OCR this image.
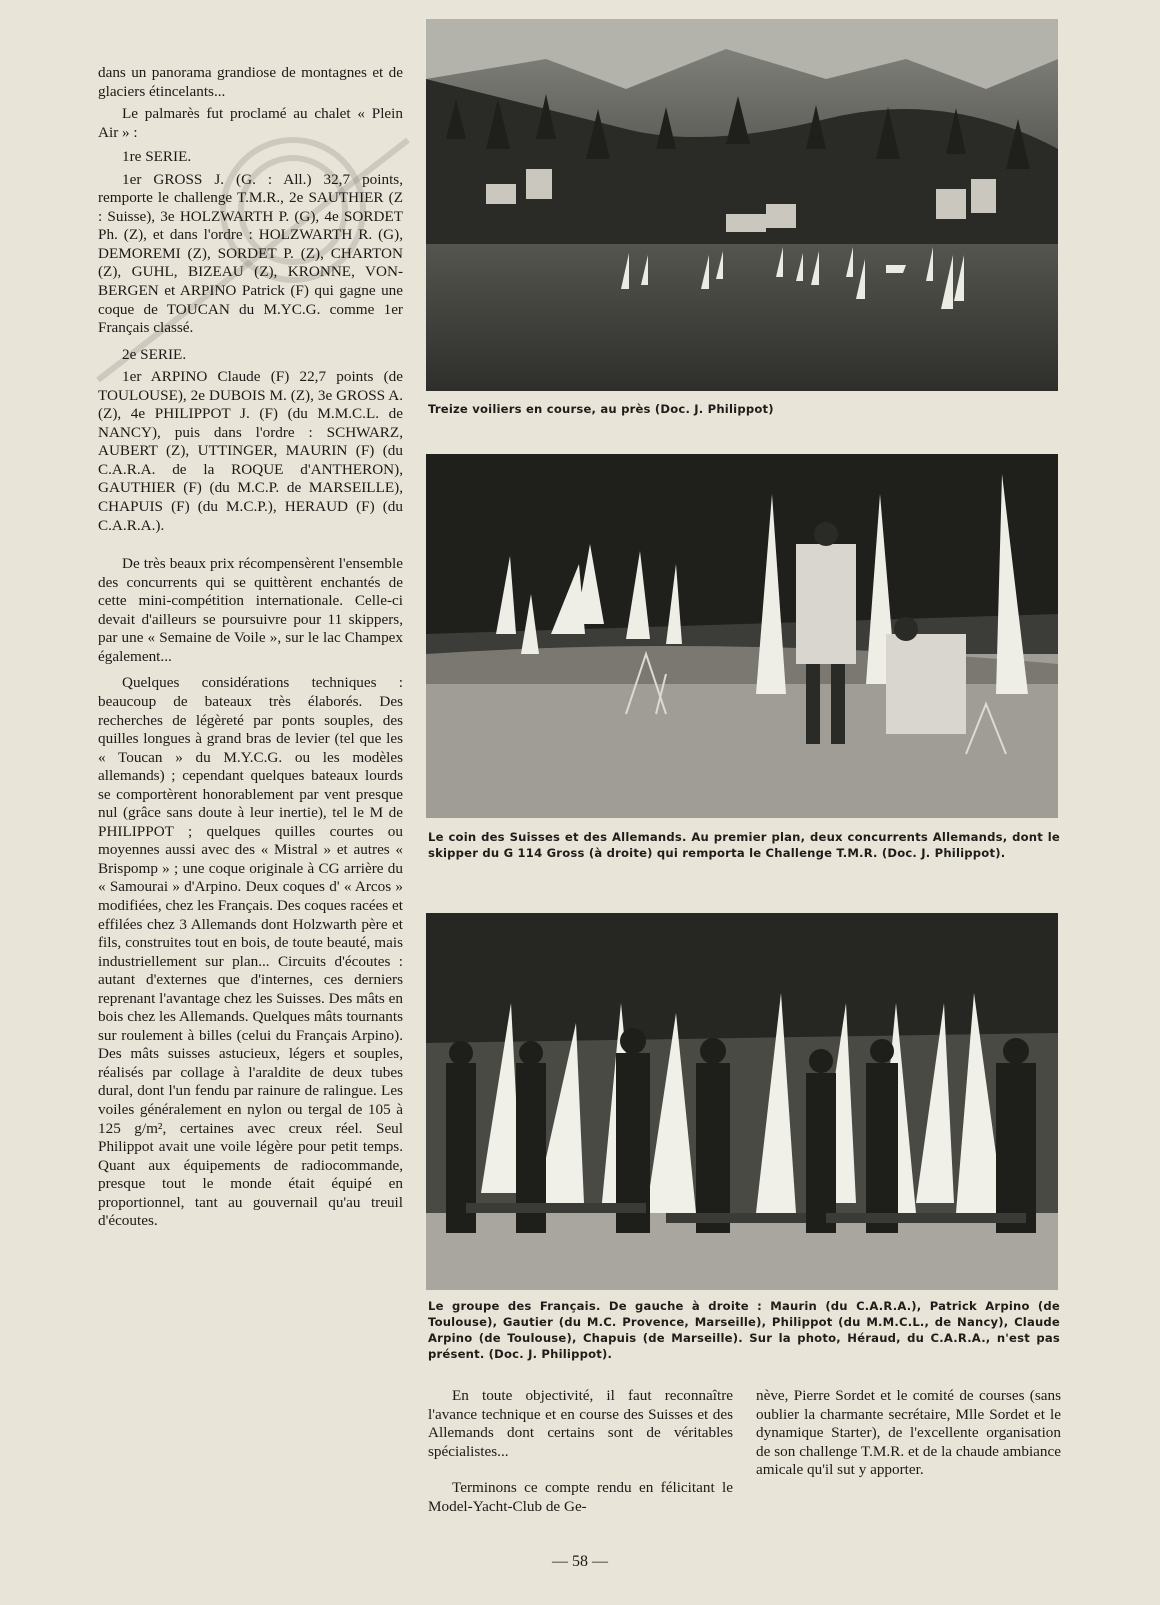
dans un panorama grandiose de montagnes et de glaciers étincelants...

Le palmarès fut proclamé au chalet « Plein Air » :

1re SERIE.

1er GROSS J. (G. : All.) 32,7 points, remporte le challenge T.M.R., 2e SAUTHIER (Z : Suisse), 3e HOLZWARTH P. (G), 4e SORDET Ph. (Z), et dans l'ordre : HOLZWARTH R. (G), DEMOREMI (Z), SORDET P. (Z), CHARTON (Z), GUHL, BIZEAU (Z), KRONNE, VON-BERGEN et ARPINO Patrick (F) qui gagne une coque de TOUCAN du M.YC.G. comme 1er Français classé.

2e SERIE.

1er ARPINO Claude (F) 22,7 points (de TOULOUSE), 2e DUBOIS M. (Z), 3e GROSS A. (Z), 4e PHILIPPOT J. (F) (du M.M.C.L. de NANCY), puis dans l'ordre : SCHWARZ, AUBERT (Z), UTTINGER, MAURIN (F) (du C.A.R.A. de la ROQUE d'ANTHERON), GAUTHIER (F) (du M.C.P. de MARSEILLE), CHAPUIS (F) (du M.C.P.), HERAUD (F) (du C.A.R.A.).

De très beaux prix récompensèrent l'ensemble des concurrents qui se quittèrent enchantés de cette mini-compétition internationale. Celle-ci devait d'ailleurs se poursuivre pour 11 skippers, par une « Semaine de Voile », sur le lac Champex également...

Quelques considérations techniques : beaucoup de bateaux très élaborés. Des recherches de légèreté par ponts souples, des quilles longues à grand bras de levier (tel que les « Toucan » du M.Y.C.G. ou les modèles allemands) ; cependant quelques bateaux lourds se comportèrent honorablement par vent presque nul (grâce sans doute à leur inertie), tel le M de PHILIPPOT ; quelques quilles courtes ou moyennes aussi avec des « Mistral » et autres « Brispomp » ; une coque originale à CG arrière du « Samourai » d'Arpino. Deux coques d' « Arcos » modifiées, chez les Français. Des coques racées et effilées chez 3 Allemands dont Holzwarth père et fils, construites tout en bois, de toute beauté, mais industriellement sur plan... Circuits d'écoutes : autant d'externes que d'internes, ces derniers reprenant l'avantage chez les Suisses. Des mâts en bois chez les Allemands. Quelques mâts tournants sur roulement à billes (celui du Français Arpino). Des mâts suisses astucieux, légers et souples, réalisés par collage à l'araldite de deux tubes dural, dont l'un fendu par rainure de ralingue. Les voiles généralement en nylon ou tergal de 105 à 125 g/m², certaines avec creux réel. Seul Philippot avait une voile légère pour petit temps. Quant aux équipements de radiocommande, presque tout le monde était équipé en proportionnel, tant au gouvernail qu'au treuil d'écoutes.

Treize voiliers en course, au près (Doc. J. Philippot)
Le coin des Suisses et des Allemands. Au premier plan, deux concurrents Allemands, dont le skipper du G 114 Gross (à droite) qui remporta le Challenge T.M.R. (Doc. J. Philippot).
Le groupe des Français. De gauche à droite : Maurin (du C.A.R.A.), Patrick Arpino (de Toulouse), Gautier (du M.C. Provence, Marseille), Philippot (du M.M.C.L., de Nancy), Claude Arpino (de Toulouse), Chapuis (de Marseille). Sur la photo, Héraud, du C.A.R.A., n'est pas présent. (Doc. J. Philippot).

En toute objectivité, il faut reconnaître l'avance technique et en course des Suisses et des Allemands dont certains sont de véritables spécialistes...

Terminons ce compte rendu en félicitant le Model-Yacht-Club de Ge-

nève, Pierre Sordet et le comité de courses (sans oublier la charmante secrétaire, Mlle Sordet et le dynamique Starter), de l'excellente organisation de son challenge T.M.R. et de la chaude ambiance amicale qu'il sut y apporter.

— 58 —
